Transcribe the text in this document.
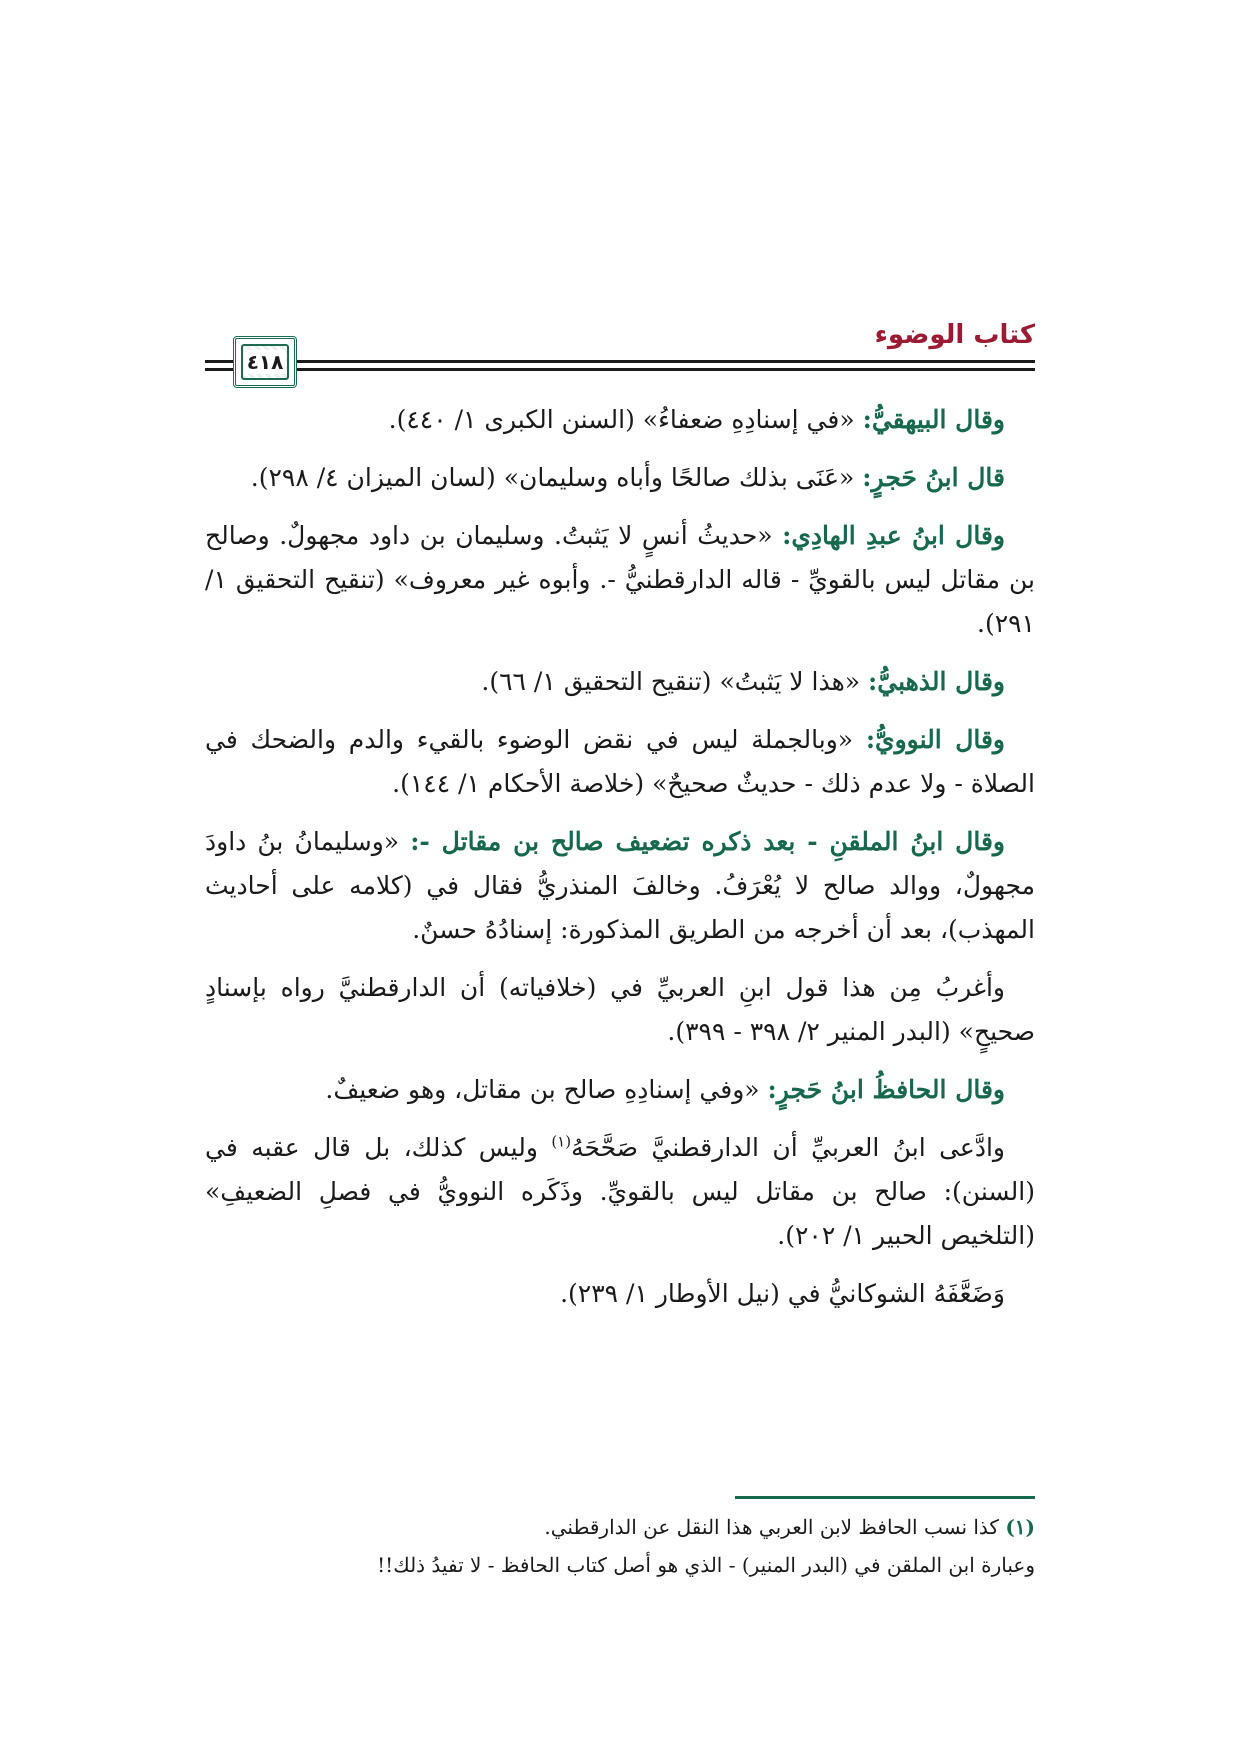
كتاب الوضوء
٤١٨

وقال البيهقيُّ: «في إسنادِهِ ضعفاءُ» (السنن الكبرى ١/ ٤٤٠).

قال ابنُ حَجرٍ: «عَنَى بذلك صالحًا وأباه وسليمان» (لسان الميزان ٤/ ٢٩٨).

وقال ابنُ عبدِ الهادِي: «حديثُ أنسٍ لا يَثبتُ. وسليمان بن داود مجهولٌ. وصالح بن مقاتل ليس بالقويِّ - قاله الدارقطنيُّ -. وأبوه غير معروف» (تنقيح التحقيق ١/ ٢٩١).

وقال الذهبيُّ: «هذا لا يَثبتُ» (تنقيح التحقيق ١/ ٦٦).

وقال النوويُّ: «وبالجملة ليس في نقض الوضوء بالقيء والدم والضحك في الصلاة - ولا عدم ذلك - حديثٌ صحيحٌ» (خلاصة الأحكام ١/ ١٤٤).

وقال ابنُ الملقنِ - بعد ذكره تضعيف صالح بن مقاتل -: «وسليمانُ بنُ داودَ مجهولٌ، ووالد صالح لا يُعْرَفُ. وخالفَ المنذريُّ فقال في (كلامه على أحاديث المهذب)، بعد أن أخرجه من الطريق المذكورة: إسنادُهُ حسنٌ.

وأغربُ مِن هذا قول ابنِ العربيِّ في (خلافياته) أن الدارقطنيَّ رواه بإسنادٍ صحيحٍ» (البدر المنير ٢/ ٣٩٨ - ٣٩٩).

وقال الحافظُ ابنُ حَجرٍ: «وفي إسنادِهِ صالح بن مقاتل، وهو ضعيفٌ.

وادَّعى ابنُ العربيِّ أن الدارقطنيَّ صَحَّحَهُ$^{(١)}$ وليس كذلك، بل قال عقبه في (السنن): صالح بن مقاتل ليس بالقويِّ. وذَكَره النوويُّ في فصلِ الضعيفِ» (التلخيص الحبير ١/ ٢٠٢).

وَضَعَّفَهُ الشوكانيُّ في (نيل الأوطار ١/ ٢٣٩).

(١) كذا نسب الحافظ لابن العربي هذا النقل عن الدارقطني.

وعبارة ابن الملقن في (البدر المنير) - الذي هو أصل كتاب الحافظ - لا تفيدُ ذلك!!
